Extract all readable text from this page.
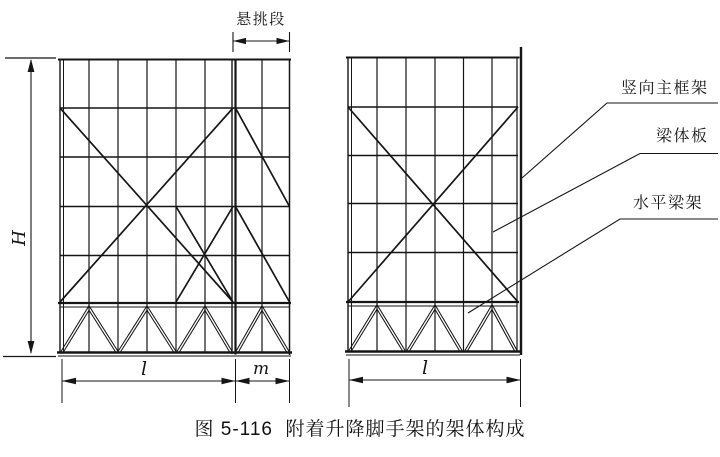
悬挑段
H
l	m	l
竖向主框架
梁体板
水平梁架
图 5-116  附着升降脚手架的架体构成
